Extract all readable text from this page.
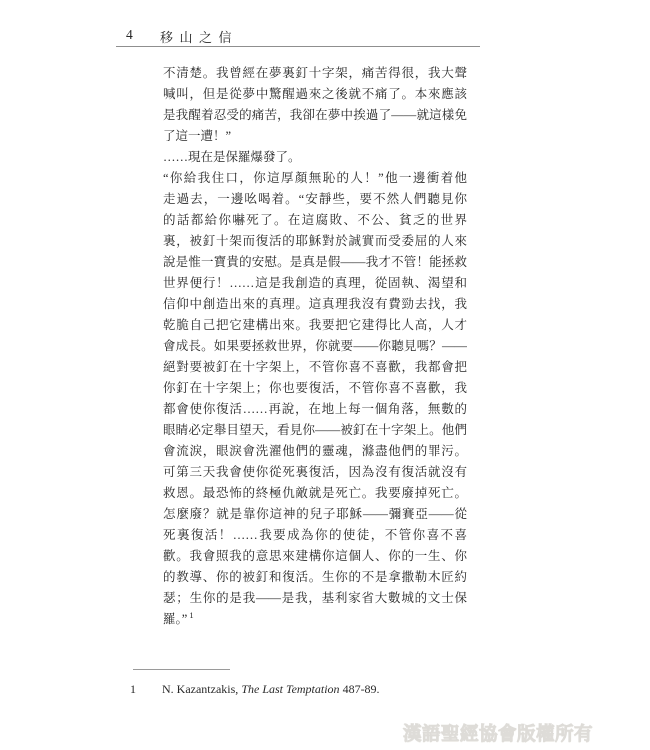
4 移山之信
不清楚。我曾經在夢裏釘十字架，痛苦得很，我大聲
喊叫，但是從夢中驚醒過來之後就不痛了。本來應該
是我醒着忍受的痛苦，我卻在夢中挨過了——就這樣免
了這一遭！”
……現在是保羅爆發了。
“你給我住口，你這厚顏無恥的人！”他一邊衝着他
走過去，一邊吆喝着。“安靜些，要不然人們聽見你
的話都給你嚇死了。在這腐敗、不公、貧乏的世界
裏，被釘十架而復活的耶穌對於誠實而受委屈的人來
說是惟一寶貴的安慰。是真是假——我才不管！能拯救
世界便行！……這是我創造的真理，從固執、渴望和
信仰中創造出來的真理。這真理我沒有費勁去找，我
乾脆自己把它建構出來。我要把它建得比人高，人才
會成長。如果要拯救世界，你就要——你聽見嗎？——
絕對要被釘在十字架上，不管你喜不喜歡，我都會把
你釘在十字架上；你也要復活，不管你喜不喜歡，我
都會使你復活……再說，在地上每一個角落，無數的
眼睛必定舉目望天，看見你——被釘在十字架上。他們
會流淚，眼淚會洗濯他們的靈魂，滌盡他們的罪污。
可第三天我會使你從死裏復活，因為沒有復活就沒有
救恩。最恐怖的終極仇敵就是死亡。我要廢掉死亡。
怎麼廢？就是靠你這神的兒子耶穌——彌賽亞——從
死裏復活！……我要成為你的使徒，不管你喜不喜
歡。我會照我的意思來建構你這個人、你的一生、你
的教導、你的被釘和復活。生你的不是拿撒勒木匠約
瑟；生你的是我——是我，基利家省大數城的文士保
羅。” $^1$
1 N. Kazantzakis, The Last Temptation 487-89.
漢語聖經協會版權所有
